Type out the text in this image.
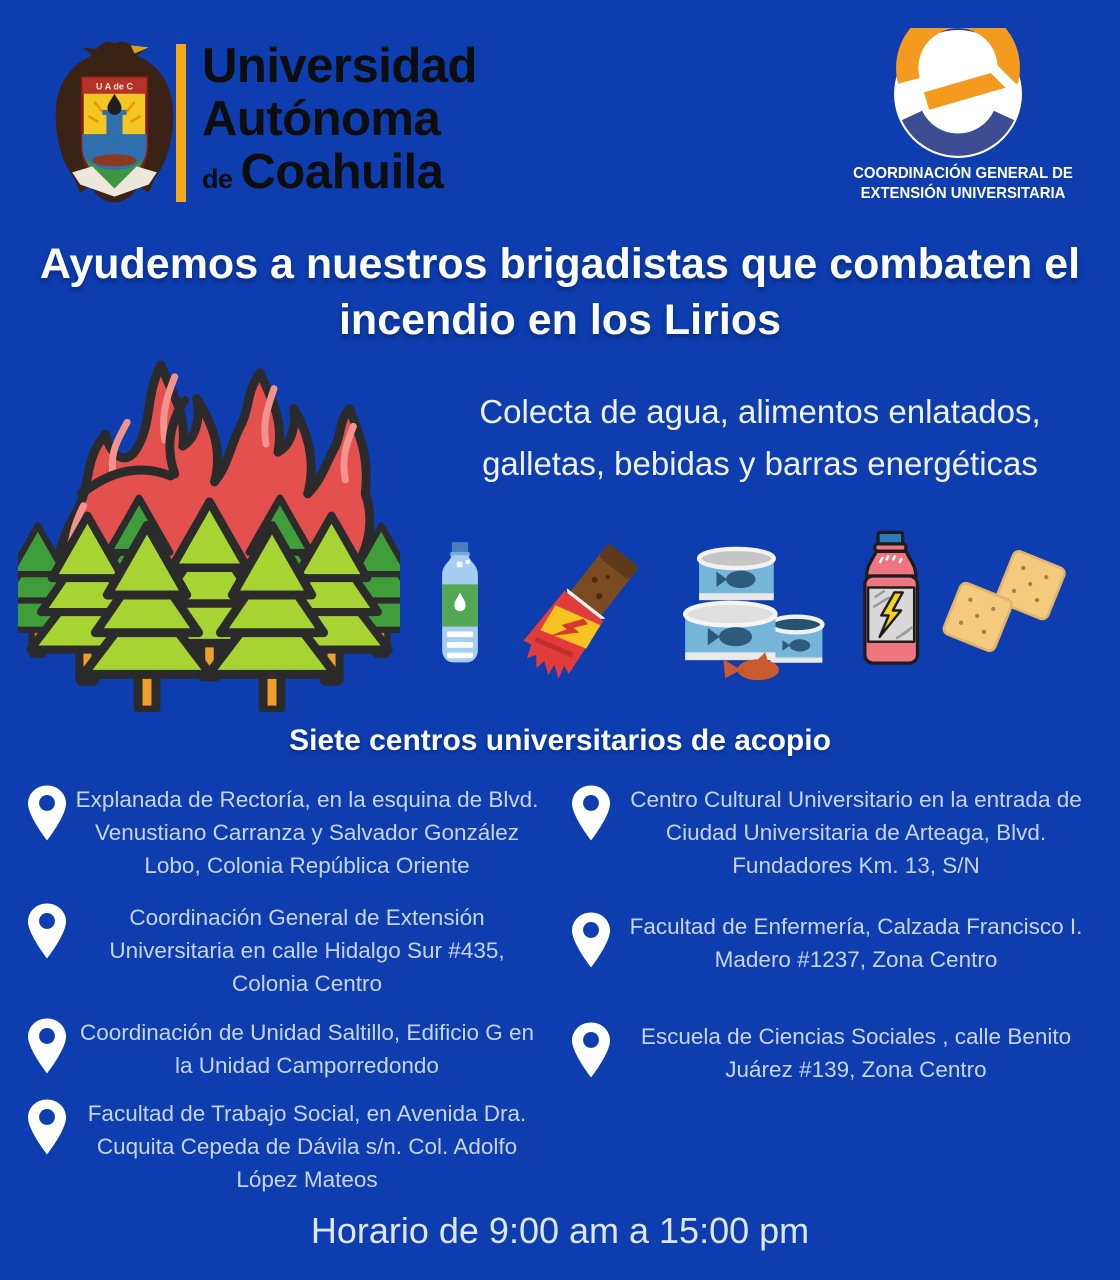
U A de C Universidad
Autónoma
de Coahuila	COORDINACIÓN GENERAL DE
EXTENSIÓN UNIVERSITARIA
Ayudemos a nuestros brigadistas que combaten el
incendio en los Lirios
Colecta de agua, alimentos enlatados,
galletas, bebidas y barras energéticas
Siete centros universitarios de acopio
Explanada de Rectoría, en la esquina de Blvd. Venustiano Carranza y Salvador González Lobo, Colonia República Oriente
Coordinación General de Extensión Universitaria en calle Hidalgo Sur #435, Colonia Centro
Coordinación de Unidad Saltillo, Edificio G en la Unidad Camporredondo
Facultad de Trabajo Social, en Avenida Dra. Cuquita Cepeda de Dávila s/n. Col. Adolfo López Mateos
Centro Cultural Universitario en la entrada de Ciudad Universitaria de Arteaga, Blvd. Fundadores Km. 13, S/N
Facultad de Enfermería, Calzada Francisco I. Madero #1237, Zona Centro
Escuela de Ciencias Sociales , calle Benito Juárez #139, Zona Centro
Horario de 9:00 am a 15:00 pm
